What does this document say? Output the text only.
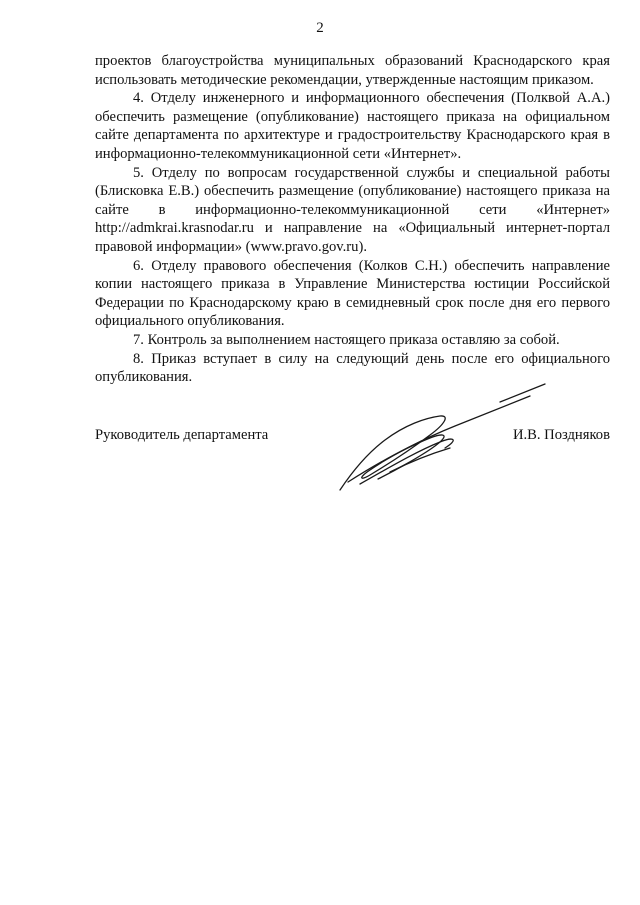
2

проектов благоустройства муниципальных образований Краснодарского края использовать методические рекомендации, утвержденные настоящим приказом.

4. Отделу инженерного и информационного обеспечения (Полквой А.А.) обеспечить размещение (опубликование) настоящего приказа на официальном сайте департамента по архитектуре и градостроительству Краснодарского края в информационно-телекоммуникационной сети «Интернет».

5. Отделу по вопросам государственной службы и специальной работы (Блисковка Е.В.) обеспечить размещение (опубликование) настоящего приказа на сайте в информационно-телекоммуникационной сети «Интернет» http://admkrai.krasnodar.ru и направление на «Официальный интернет-портал правовой информации» (www.pravo.gov.ru).

6. Отделу правового обеспечения (Колков С.Н.) обеспечить направление копии настоящего приказа в Управление Министерства юстиции Российской Федерации по Краснодарскому краю в семидневный срок после дня его первого официального опубликования.

7. Контроль за выполнением настоящего приказа оставляю за собой.

8. Приказ вступает в силу на следующий день после его официального опубликования.

Руководитель департамента	И.В. Поздняков
